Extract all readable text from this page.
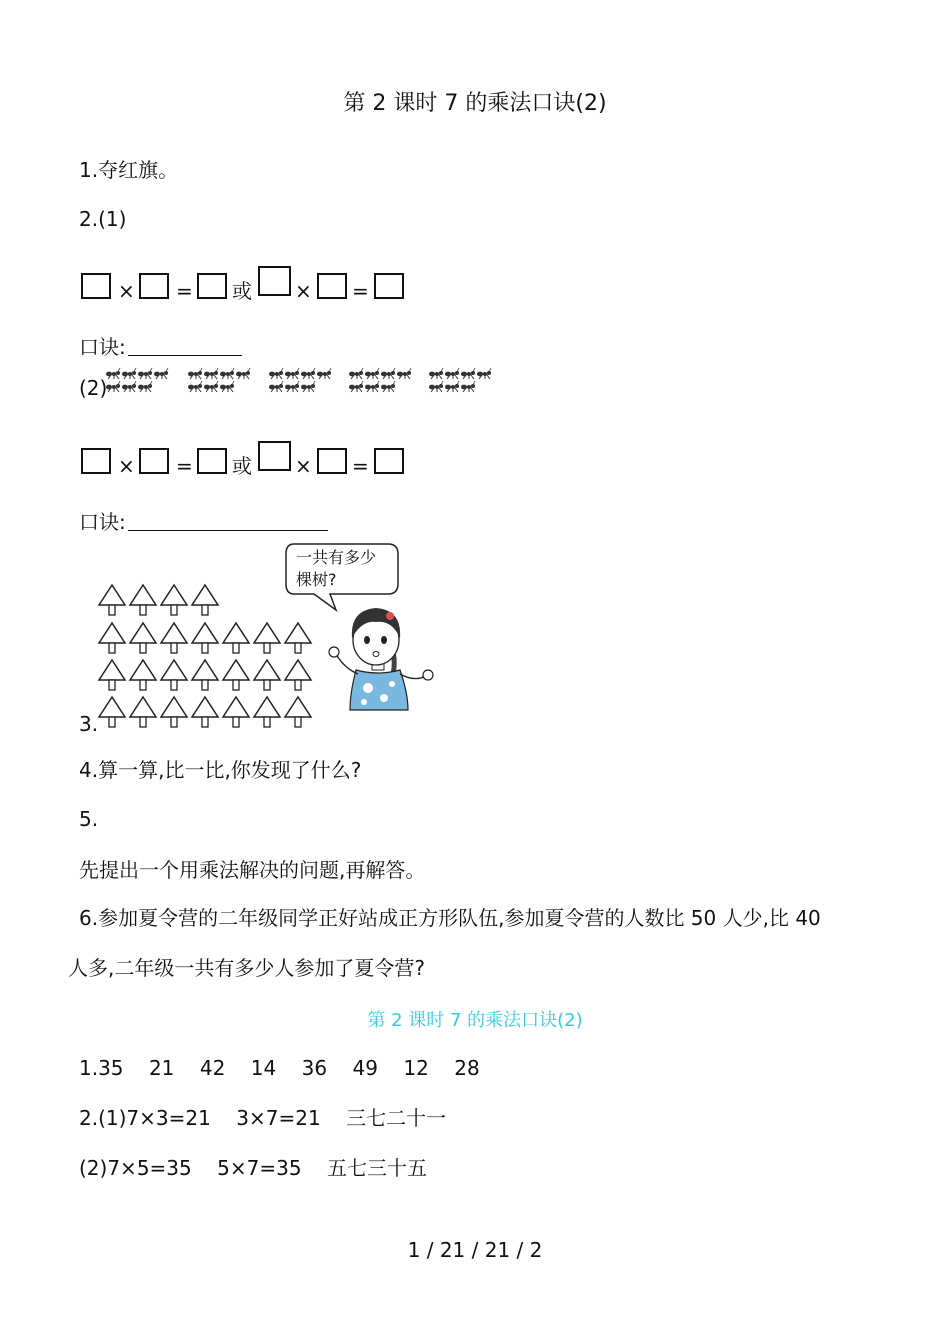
第 2 课时 7 的乘法口诀(2)
1.夺红旗。
2.(1)
× = 或 × =
口诀:
(2)
× = 或 × =
口诀:
一共有多少
棵树?
3.
4.算一算,比一比,你发现了什么?
5.
先提出一个用乘法解决的问题,再解答。
6.参加夏令营的二年级同学正好站成正方形队伍,参加夏令营的人数比 50 人少,比 40
人多,二年级一共有多少人参加了夏令营?
第 2 课时 7 的乘法口诀(2)
1.35    21    42    14    36    49    12    28
2.(1)7×3=21    3×7=21    三七二十一
(2)7×5=35    5×7=35    五七三十五
1 / 21 / 21 / 2
